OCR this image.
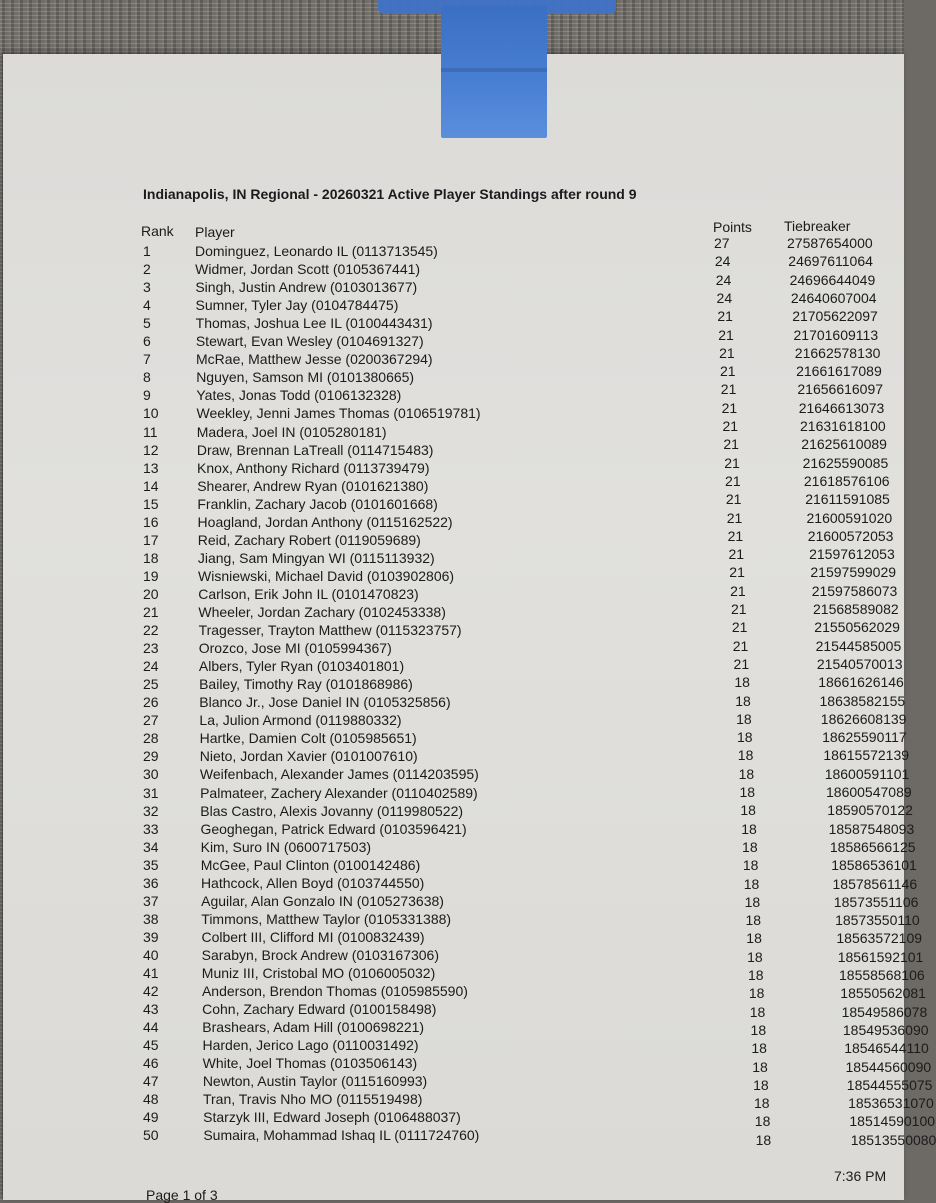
Indianapolis, IN Regional - 20260321 Active Player Standings after round 9
Rank Player	Points Tiebreaker
1	Dominguez, Leonardo IL (0113713545)	27	27587654000
2	Widmer, Jordan Scott (0105367441)	24	24697611064
3	Singh, Justin Andrew (0103013677)	24	24696644049
4	Sumner, Tyler Jay (0104784475)	24	24640607004
5	Thomas, Joshua Lee IL (0100443431)	21	21705622097
6	Stewart, Evan Wesley (0104691327)	21	21701609113
7	McRae, Matthew Jesse (0200367294)	21	21662578130
8	Nguyen, Samson MI (0101380665)	21	21661617089
9	Yates, Jonas Todd (0106132328)	21	21656616097
10	Weekley, Jenni James Thomas (0106519781)	21	21646613073
11	Madera, Joel IN (0105280181)	21	21631618100
12	Draw, Brennan LaTreall (0114715483)	21	21625610089
13	Knox, Anthony Richard (0113739479)	21	21625590085
14	Shearer, Andrew Ryan (0101621380)	21	21618576106
15	Franklin, Zachary Jacob (0101601668)	21	21611591085
16	Hoagland, Jordan Anthony (0115162522)	21	21600591020
17	Reid, Zachary Robert (0119059689)	21	21600572053
18	Jiang, Sam Mingyan WI (0115113932)	21	21597612053
19	Wisniewski, Michael David (0103902806)	21	21597599029
20	Carlson, Erik John IL (0101470823)	21	21597586073
21	Wheeler, Jordan Zachary (0102453338)	21	21568589082
22	Tragesser, Trayton Matthew (0115323757)	21	21550562029
23	Orozco, Jose MI (0105994367)	21	21544585005
24	Albers, Tyler Ryan (0103401801)	21	21540570013
25	Bailey, Timothy Ray (0101868986)	18	18661626146
26	Blanco Jr., Jose Daniel IN (0105325856)	18	18638582155
27	La, Julion Armond (0119880332)	18	18626608139
28	Hartke, Damien Colt (0105985651)	18	18625590117
29	Nieto, Jordan Xavier (0101007610)	18	18615572139
30	Weifenbach, Alexander James (0114203595)	18	18600591101
31	Palmateer, Zachery Alexander (0110402589)	18	18600547089
32	Blas Castro, Alexis Jovanny (0119980522)	18	18590570122
33	Geoghegan, Patrick Edward (0103596421)	18	18587548093
34	Kim, Suro IN (0600717503)	18	18586566125
35	McGee, Paul Clinton (0100142486)	18	18586536101
36	Hathcock, Allen Boyd (0103744550)	18	18578561146
37	Aguilar, Alan Gonzalo IN (0105273638)	18	18573551106
38	Timmons, Matthew Taylor (0105331388)	18	18573550110
39	Colbert III, Clifford MI (0100832439)	18	18563572109
40	Sarabyn, Brock Andrew (0103167306)	18	18561592101
41	Muniz III, Cristobal MO (0106005032)	18	18558568106
42	Anderson, Brendon Thomas (0105985590)	18	18550562081
43	Cohn, Zachary Edward (0100158498)	18	18549586078
44	Brashears, Adam Hill (0100698221)	18	18549536090
45	Harden, Jerico Lago (0110031492)	18	18546544110
46	White, Joel Thomas (0103506143)	18	18544560090
47	Newton, Austin Taylor (0115160993)	18	18544555075
48	Tran, Travis Nho MO (0115519498)	18	18536531070
49	Starzyk III, Edward Joseph (0106488037)	18	18514590100
50	Sumaira, Mohammad Ishaq IL (0111724760)	18	18513550080
Page 1 of 3
7:36 PM
